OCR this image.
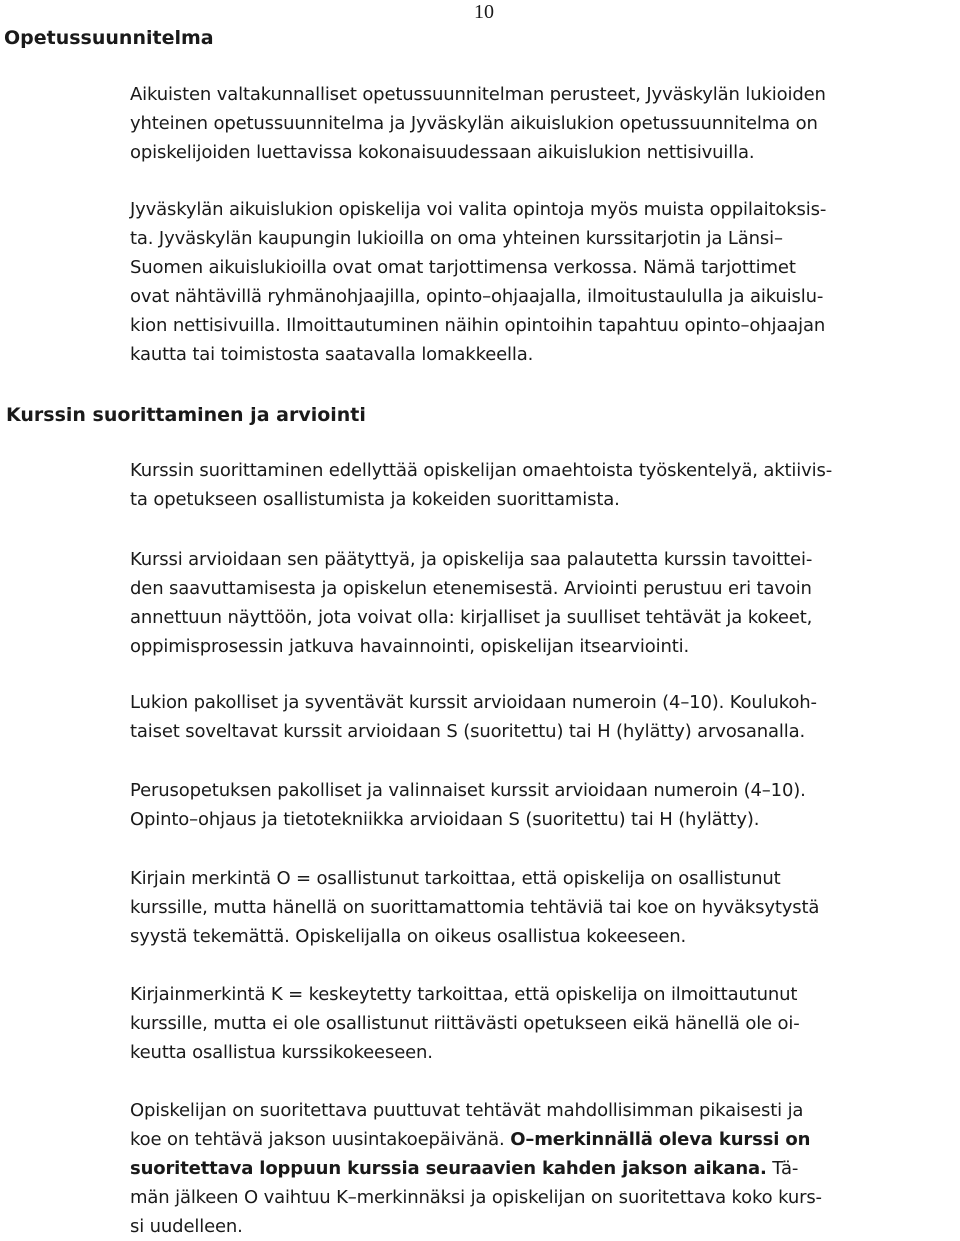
10
Opetussuunnitelma

Aikuisten valtakunnalliset opetussuunnitelman perusteet, Jyväskylän lukioiden
yhteinen opetussuunnitelma ja Jyväskylän aikuislukion opetussuunnitelma on
opiskelijoiden luettavissa kokonaisuudessaan aikuislukion nettisivuilla.

Jyväskylän aikuislukion opiskelija voi valita opintoja myös muista oppilaitoksis-
ta. Jyväskylän kaupungin lukioilla on oma yhteinen kurssitarjotin ja Länsi–
Suomen aikuislukioilla ovat omat tarjottimensa verkossa. Nämä tarjottimet
ovat nähtävillä ryhmänohjaajilla, opinto–ohjaajalla, ilmoitustaululla ja aikuislu-
kion nettisivuilla. Ilmoittautuminen näihin opintoihin tapahtuu opinto–ohjaajan
kautta tai toimistosta saatavalla lomakkeella.

Kurssin suorittaminen ja arviointi

Kurssin suorittaminen edellyttää opiskelijan omaehtoista työskentelyä, aktiivis-
ta opetukseen osallistumista ja kokeiden suorittamista.

Kurssi arvioidaan sen päätyttyä, ja opiskelija saa palautetta kurssin tavoittei-
den saavuttamisesta ja opiskelun etenemisestä. Arviointi perustuu eri tavoin
annettuun näyttöön, jota voivat olla: kirjalliset ja suulliset tehtävät ja kokeet,
oppimisprosessin jatkuva havainnointi, opiskelijan itsearviointi.

Lukion pakolliset ja syventävät kurssit arvioidaan numeroin (4–10). Koulukoh-
taiset soveltavat kurssit arvioidaan S (suoritettu) tai H (hylätty) arvosanalla.

Perusopetuksen pakolliset ja valinnaiset kurssit arvioidaan numeroin (4–10).
Opinto–ohjaus ja tietotekniikka arvioidaan S (suoritettu) tai H (hylätty).

Kirjain merkintä O = osallistunut tarkoittaa, että opiskelija on osallistunut
kurssille, mutta hänellä on suorittamattomia tehtäviä tai koe on hyväksytystä
syystä tekemättä. Opiskelijalla on oikeus osallistua kokeeseen.

Kirjainmerkintä K = keskeytetty tarkoittaa, että opiskelija on ilmoittautunut
kurssille, mutta ei ole osallistunut riittävästi opetukseen eikä hänellä ole oi-
keutta osallistua kurssikokeeseen.

Opiskelijan on suoritettava puuttuvat tehtävät mahdollisimman pikaisesti ja
koe on tehtävä jakson uusintakoepäivänä. O–merkinnällä oleva kurssi on
suoritettava loppuun kurssia seuraavien kahden jakson aikana. Tä-
män jälkeen O vaihtuu K–merkinnäksi ja opiskelijan on suoritettava koko kurs-
si uudelleen.
